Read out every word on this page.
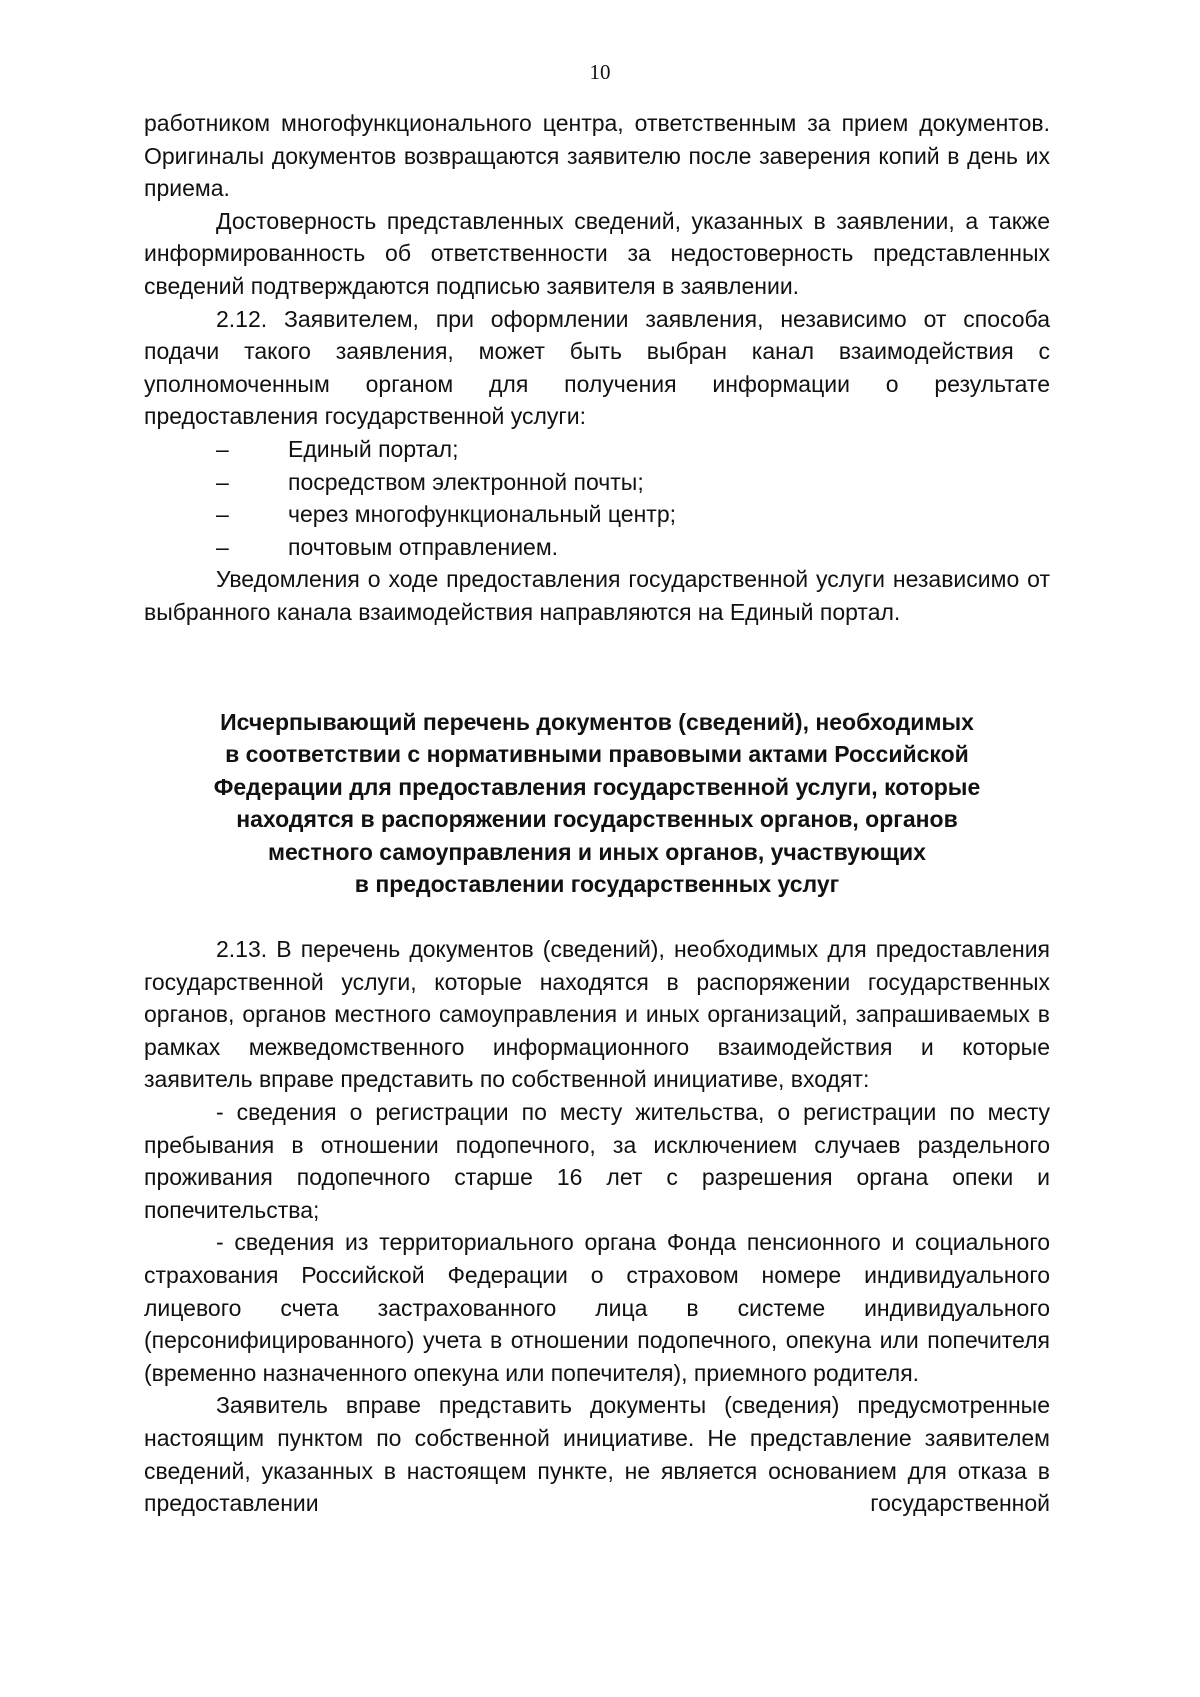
10

работником многофункционального центра, ответственным за прием документов. Оригиналы документов возвращаются заявителю после заверения копий в день их приема.

Достоверность представленных сведений, указанных в заявлении, а также информированность об ответственности за недостоверность представленных сведений подтверждаются подписью заявителя в заявлении.

2.12. Заявителем, при оформлении заявления, независимо от способа подачи такого заявления, может быть выбран канал взаимодействия с уполномоченным органом для получения информации о результате предоставления государственной услуги:

–	Единый портал;
–	посредством электронной почты;
–	через многофункциональный центр;
–	почтовым отправлением.

Уведомления о ходе предоставления государственной услуги независимо от выбранного канала взаимодействия направляются на Единый портал.

Исчерпывающий перечень документов (сведений), необходимых
в соответствии с нормативными правовыми актами Российской
Федерации для предоставления государственной услуги, которые
находятся в распоряжении государственных органов, органов
местного самоуправления и иных органов, участвующих
в предоставлении государственных услуг

2.13. В перечень документов (сведений), необходимых для предоставления государственной услуги, которые находятся в распоряжении государственных органов, органов местного самоуправления и иных организаций, запрашиваемых в рамках межведомственного информационного взаимодействия и которые заявитель вправе представить по собственной инициативе, входят:

- сведения о регистрации по месту жительства, о регистрации по месту пребывания в отношении подопечного, за исключением случаев раздельного проживания подопечного старше 16 лет с разрешения органа опеки и попечительства;

- сведения из территориального органа Фонда пенсионного и социального страхования Российской Федерации о страховом номере индивидуального лицевого счета застрахованного лица в системе индивидуального (персонифицированного) учета в отношении подопечного, опекуна или попечителя (временно назначенного опекуна или попечителя), приемного родителя.

Заявитель вправе представить документы (сведения) предусмотренные настоящим пунктом по собственной инициативе. Не представление заявителем сведений, указанных в настоящем пункте, не является основанием для отказа в предоставлении государственной
